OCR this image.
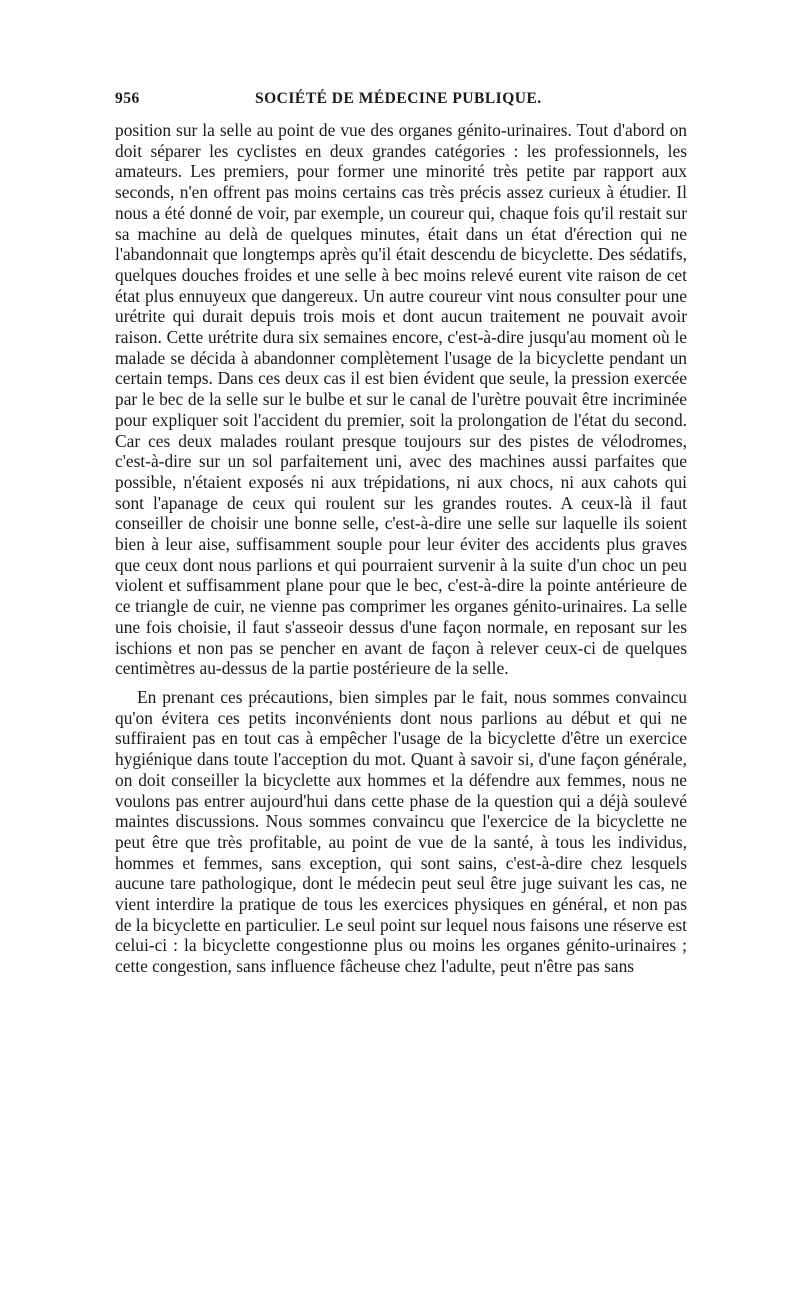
956	SOCIÉTÉ DE MÉDECINE PUBLIQUE.

position sur la selle au point de vue des organes génito-urinaires. Tout d'abord on doit séparer les cyclistes en deux grandes catégories : les professionnels, les amateurs. Les premiers, pour former une minorité très petite par rapport aux seconds, n'en offrent pas moins certains cas très précis assez curieux à étudier. Il nous a été donné de voir, par exemple, un coureur qui, chaque fois qu'il restait sur sa machine au delà de quelques minutes, était dans un état d'érection qui ne l'abandonnait que longtemps après qu'il était descendu de bicyclette. Des sédatifs, quelques douches froides et une selle à bec moins relevé eurent vite raison de cet état plus ennuyeux que dangereux. Un autre coureur vint nous consulter pour une urétrite qui durait depuis trois mois et dont aucun traitement ne pouvait avoir raison. Cette urétrite dura six semaines encore, c'est-à-dire jusqu'au moment où le malade se décida à abandonner complètement l'usage de la bicyclette pendant un certain temps. Dans ces deux cas il est bien évident que seule, la pression exercée par le bec de la selle sur le bulbe et sur le canal de l'urètre pouvait être incriminée pour expliquer soit l'accident du premier, soit la prolongation de l'état du second. Car ces deux malades roulant presque toujours sur des pistes de vélodromes, c'est-à-dire sur un sol parfaitement uni, avec des machines aussi parfaites que possible, n'étaient exposés ni aux trépidations, ni aux chocs, ni aux cahots qui sont l'apanage de ceux qui roulent sur les grandes routes. A ceux-là il faut conseiller de choisir une bonne selle, c'est-à-dire une selle sur laquelle ils soient bien à leur aise, suffisamment souple pour leur éviter des accidents plus graves que ceux dont nous parlions et qui pourraient survenir à la suite d'un choc un peu violent et suffisamment plane pour que le bec, c'est-à-dire la pointe antérieure de ce triangle de cuir, ne vienne pas comprimer les organes génito-urinaires. La selle une fois choisie, il faut s'asseoir dessus d'une façon normale, en reposant sur les ischions et non pas se pencher en avant de façon à relever ceux-ci de quelques centimètres au-dessus de la partie postérieure de la selle.

En prenant ces précautions, bien simples par le fait, nous sommes convaincu qu'on évitera ces petits inconvénients dont nous parlions au début et qui ne suffiraient pas en tout cas à empêcher l'usage de la bicyclette d'être un exercice hygiénique dans toute l'acception du mot. Quant à savoir si, d'une façon générale, on doit conseiller la bicyclette aux hommes et la défendre aux femmes, nous ne voulons pas entrer aujourd'hui dans cette phase de la question qui a déjà soulevé maintes discussions. Nous sommes convaincu que l'exercice de la bicyclette ne peut être que très profitable, au point de vue de la santé, à tous les individus, hommes et femmes, sans exception, qui sont sains, c'est-à-dire chez lesquels aucune tare pathologique, dont le médecin peut seul être juge suivant les cas, ne vient interdire la pratique de tous les exercices physiques en général, et non pas de la bicyclette en particulier. Le seul point sur lequel nous faisons une réserve est celui-ci : la bicyclette congestionne plus ou moins les organes génito-urinaires ; cette congestion, sans influence fâcheuse chez l'adulte, peut n'être pas sans
